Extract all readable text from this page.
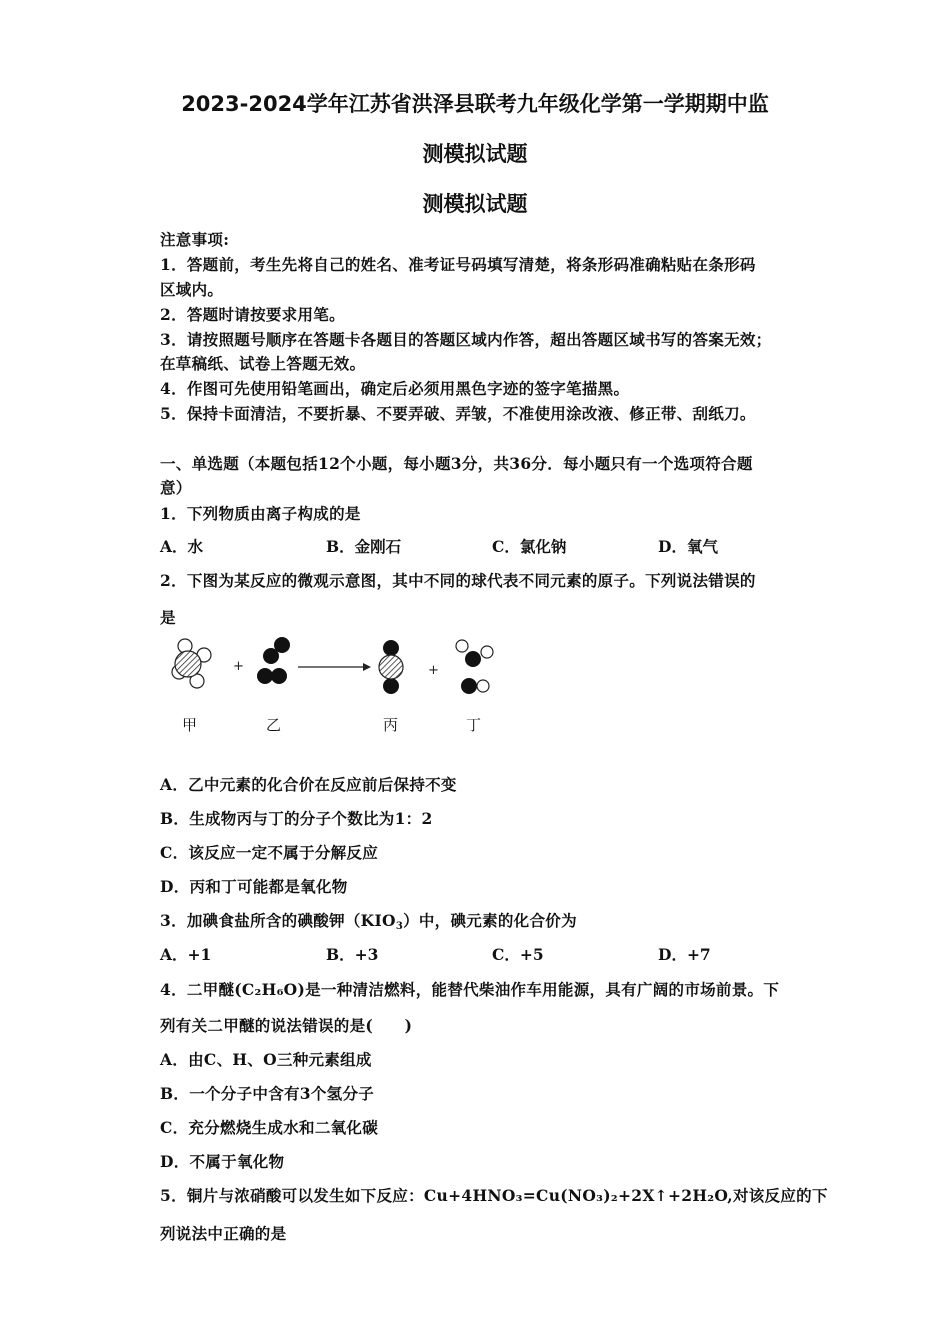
2023-2024学年江苏省洪泽县联考九年级化学第一学期期中监
测模拟试题
测模拟试题
注意事项:
1．答题前，考生先将自己的姓名、准考证号码填写清楚，将条形码准确粘贴在条形码
区域内。
2．答题时请按要求用笔。
3．请按照题号顺序在答题卡各题目的答题区域内作答，超出答题区域书写的答案无效；
在草稿纸、试卷上答题无效。
4．作图可先使用铅笔画出，确定后必须用黑色字迹的签字笔描黑。
5．保持卡面清洁，不要折暴、不要弄破、弄皱，不准使用涂改液、修正带、刮纸刀。
一、单选题（本题包括12个小题，每小题3分，共36分．每小题只有一个选项符合题
意）
1．下列物质由离子构成的是
A．水	B．金刚石	C．氯化钠	D．氧气
2．下图为某反应的微观示意图，其中不同的球代表不同元素的原子。下列说法错误的
是
+	+
甲	乙	丙	丁
A．乙中元素的化合价在反应前后保持不变
B．生成物丙与丁的分子个数比为1：2
C．该反应一定不属于分解反应
D．丙和丁可能都是氧化物
3．加碘食盐所含的碘酸钾$(KIO_3)$中，碘元素的化合价为
A．+1	B．+3	C．+5	D．+7
4．二甲醚(C₂H₆O)是一种清洁燃料，能替代柴油作车用能源，具有广阔的市场前景。下
列有关二甲醚的说法错误的是(　　)
A．由C、H、O三种元素组成
B．一个分子中含有3个氢分子
C．充分燃烧生成水和二氧化碳
D．不属于氧化物
5．铜片与浓硝酸可以发生如下反应：Cu+4HNO₃=Cu(NO₃)₂+2X↑+2H₂O,对该反应的下
列说法中正确的是
